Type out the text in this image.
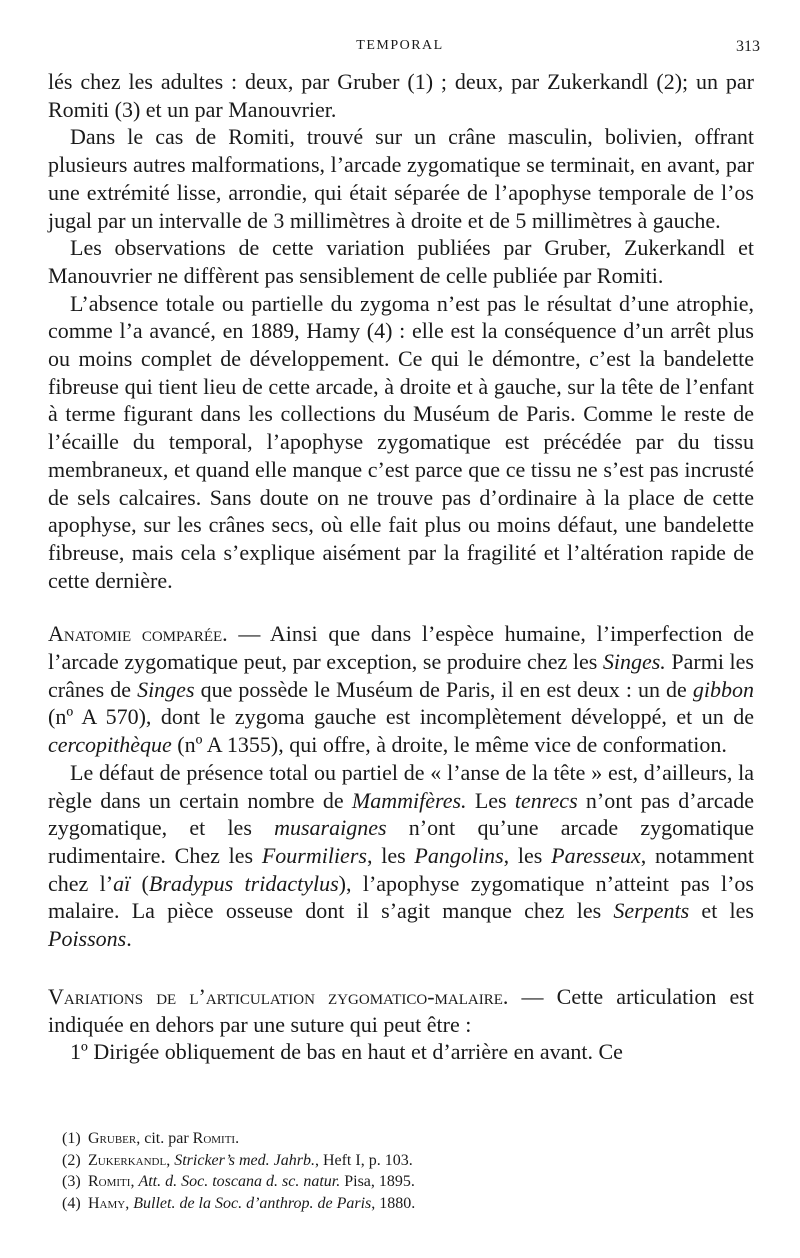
TEMPORAL	313

lés chez les adultes : deux, par Gruber (1) ; deux, par Zukerkandl (2); un par Romiti (3) et un par Manouvrier.

Dans le cas de Romiti, trouvé sur un crâne masculin, bolivien, offrant plusieurs autres malformations, l’arcade zygomatique se terminait, en avant, par une extrémité lisse, arrondie, qui était séparée de l’apophyse temporale de l’os jugal par un intervalle de 3 millimètres à droite et de 5 millimètres à gauche.

Les observations de cette variation publiées par Gruber, Zukerkandl et Manouvrier ne diffèrent pas sensiblement de celle publiée par Romiti.

L’absence totale ou partielle du zygoma n’est pas le résultat d’une atrophie, comme l’a avancé, en 1889, Hamy (4) : elle est la conséquence d’un arrêt plus ou moins complet de développement. Ce qui le démontre, c’est la bandelette fibreuse qui tient lieu de cette arcade, à droite et à gauche, sur la tête de l’enfant à terme figurant dans les collections du Muséum de Paris. Comme le reste de l’écaille du temporal, l’apophyse zygomatique est précédée par du tissu membraneux, et quand elle manque c’est parce que ce tissu ne s’est pas incrusté de sels calcaires. Sans doute on ne trouve pas d’ordinaire à la place de cette apophyse, sur les crânes secs, où elle fait plus ou moins défaut, une bandelette fibreuse, mais cela s’explique aisément par la fragilité et l’altération rapide de cette dernière.

Anatomie comparée. — Ainsi que dans l’espèce humaine, l’imperfection de l’arcade zygomatique peut, par exception, se produire chez les Singes. Parmi les crânes de Singes que possède le Muséum de Paris, il en est deux : un de gibbon (nº A 570), dont le zygoma gauche est incomplètement développé, et un de cercopithèque (nº A 1355), qui offre, à droite, le même vice de conformation.

Le défaut de présence total ou partiel de « l’anse de la tête » est, d’ailleurs, la règle dans un certain nombre de Mammifères. Les tenrecs n’ont pas d’arcade zygomatique, et les musaraignes n’ont qu’une arcade zygomatique rudimentaire. Chez les Fourmiliers, les Pangolins, les Paresseux, notamment chez l’aï (Bradypus tridactylus), l’apophyse zygomatique n’atteint pas l’os malaire. La pièce osseuse dont il s’agit manque chez les Serpents et les Poissons.

Variations de l’articulation zygomatico-malaire. — Cette articulation est indiquée en dehors par une suture qui peut être :

1º Dirigée obliquement de bas en haut et d’arrière en avant. Ce

(1) Gruber, cit. par Romiti.

(2) Zukerkandl, Stricker’s med. Jahrb., Heft I, p. 103.

(3) Romiti, Att. d. Soc. toscana d. sc. natur. Pisa, 1895.

(4) Hamy, Bullet. de la Soc. d’anthrop. de Paris, 1880.
